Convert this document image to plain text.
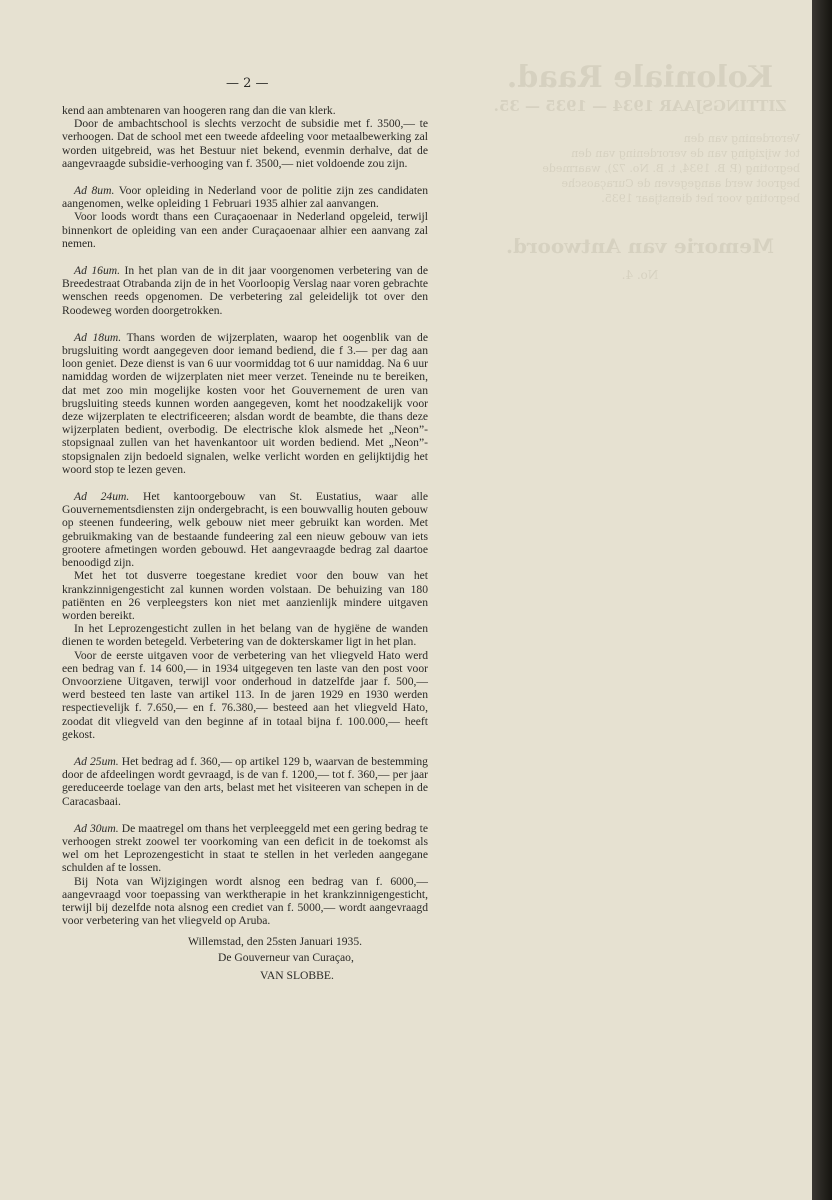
Koloniale Raad.
ZITTINGSJAAR 1934 — 1935 — 35.
Verordening van den
tot wijziging van de verordening van den
begroting (P. B. 1934, t. B. No. 72), waarmede
begroot werd aangegeven de Curaçaosche
begroting voor het dienstjaar 1935.
Memorie van Antwoord.
No. 4.
— 2 —

kend aan ambtenaren van hoogeren rang dan die van klerk.

Door de ambachtschool is slechts verzocht de subsidie met f. 3500,— te verhoogen. Dat de school met een tweede afdeeling voor metaalbewerking zal worden uitgebreid, was het Bestuur niet bekend, evenmin derhalve, dat de aangevraagde subsidie-verhooging van f. 3500,— niet voldoende zou zijn.

Ad 8um. Voor opleiding in Nederland voor de politie zijn zes candidaten aangenomen, welke opleiding 1 Februari 1935 alhier zal aanvangen.

Voor loods wordt thans een Curaçaoenaar in Nederland opgeleid, terwijl binnenkort de opleiding van een ander Curaçaoenaar alhier een aanvang zal nemen.

Ad 16um. In het plan van de in dit jaar voorgenomen verbetering van de Breedestraat Otrabanda zijn de in het Voorloopig Verslag naar voren gebrachte wenschen reeds opgenomen. De verbetering zal geleidelijk tot over den Roodeweg worden doorgetrokken.

Ad 18um. Thans worden de wijzerplaten, waarop het oogenblik van de brugsluiting wordt aangegeven door iemand bediend, die f 3.— per dag aan loon geniet. Deze dienst is van 6 uur voormiddag tot 6 uur namiddag. Na 6 uur namiddag worden de wijzerplaten niet meer verzet. Teneinde nu te bereiken, dat met zoo min mogelijke kosten voor het Gouvernement de uren van brugsluiting steeds kunnen worden aangegeven, komt het noodzakelijk voor deze wijzerplaten te electrificeeren; alsdan wordt de beambte, die thans deze wijzerplaten bedient, overbodig. De electrische klok alsmede het „Neon”-stopsignaal zullen van het havenkantoor uit worden bediend. Met „Neon”-stopsignalen zijn bedoeld signalen, welke verlicht worden en gelijktijdig het woord stop te lezen geven.

Ad 24um. Het kantoorgebouw van St. Eustatius, waar alle Gouvernementsdiensten zijn ondergebracht, is een bouwvallig houten gebouw op steenen fundeering, welk gebouw niet meer gebruikt kan worden. Met gebruikmaking van de bestaande fundeering zal een nieuw gebouw van iets grootere afmetingen worden gebouwd. Het aangevraagde bedrag zal daartoe benoodigd zijn.

Met het tot dusverre toegestane krediet voor den bouw van het krankzinnigengesticht zal kunnen worden volstaan. De behuizing van 180 patiënten en 26 verpleegsters kon niet met aanzienlijk mindere uitgaven worden bereikt.

In het Leprozengesticht zullen in het belang van de hygiëne de wanden dienen te worden betegeld. Verbetering van de dokterskamer ligt in het plan.

Voor de eerste uitgaven voor de verbetering van het vliegveld Hato werd een bedrag van f. 14 600,— in 1934 uitgegeven ten laste van den post voor Onvoorziene Uitgaven, terwijl voor onderhoud in datzelfde jaar f. 500,— werd besteed ten laste van artikel 113. In de jaren 1929 en 1930 werden respectievelijk f. 7.650,— en f. 76.380,— besteed aan het vliegveld Hato, zoodat dit vliegveld van den beginne af in totaal bijna f. 100.000,— heeft gekost.

Ad 25um. Het bedrag ad f. 360,— op artikel 129 b, waarvan de bestemming door de afdeelingen wordt gevraagd, is de van f. 1200,— tot f. 360,— per jaar gereduceerde toelage van den arts, belast met het visiteeren van schepen in de Caracasbaai.

Ad 30um. De maatregel om thans het verpleeggeld met een gering bedrag te verhoogen strekt zoowel ter voorkoming van een deficit in de toekomst als wel om het Leprozengesticht in staat te stellen in het verleden aangegane schulden af te lossen.

Bij Nota van Wijzigingen wordt alsnog een bedrag van f. 6000,— aangevraagd voor toepassing van werktherapie in het krankzinnigengesticht, terwijl bij dezelfde nota alsnog een crediet van f. 5000,— wordt aangevraagd voor verbetering van het vliegveld op Aruba.

Willemstad, den 25sten Januari 1935.
De Gouverneur van Curaçao,
VAN SLOBBE.
